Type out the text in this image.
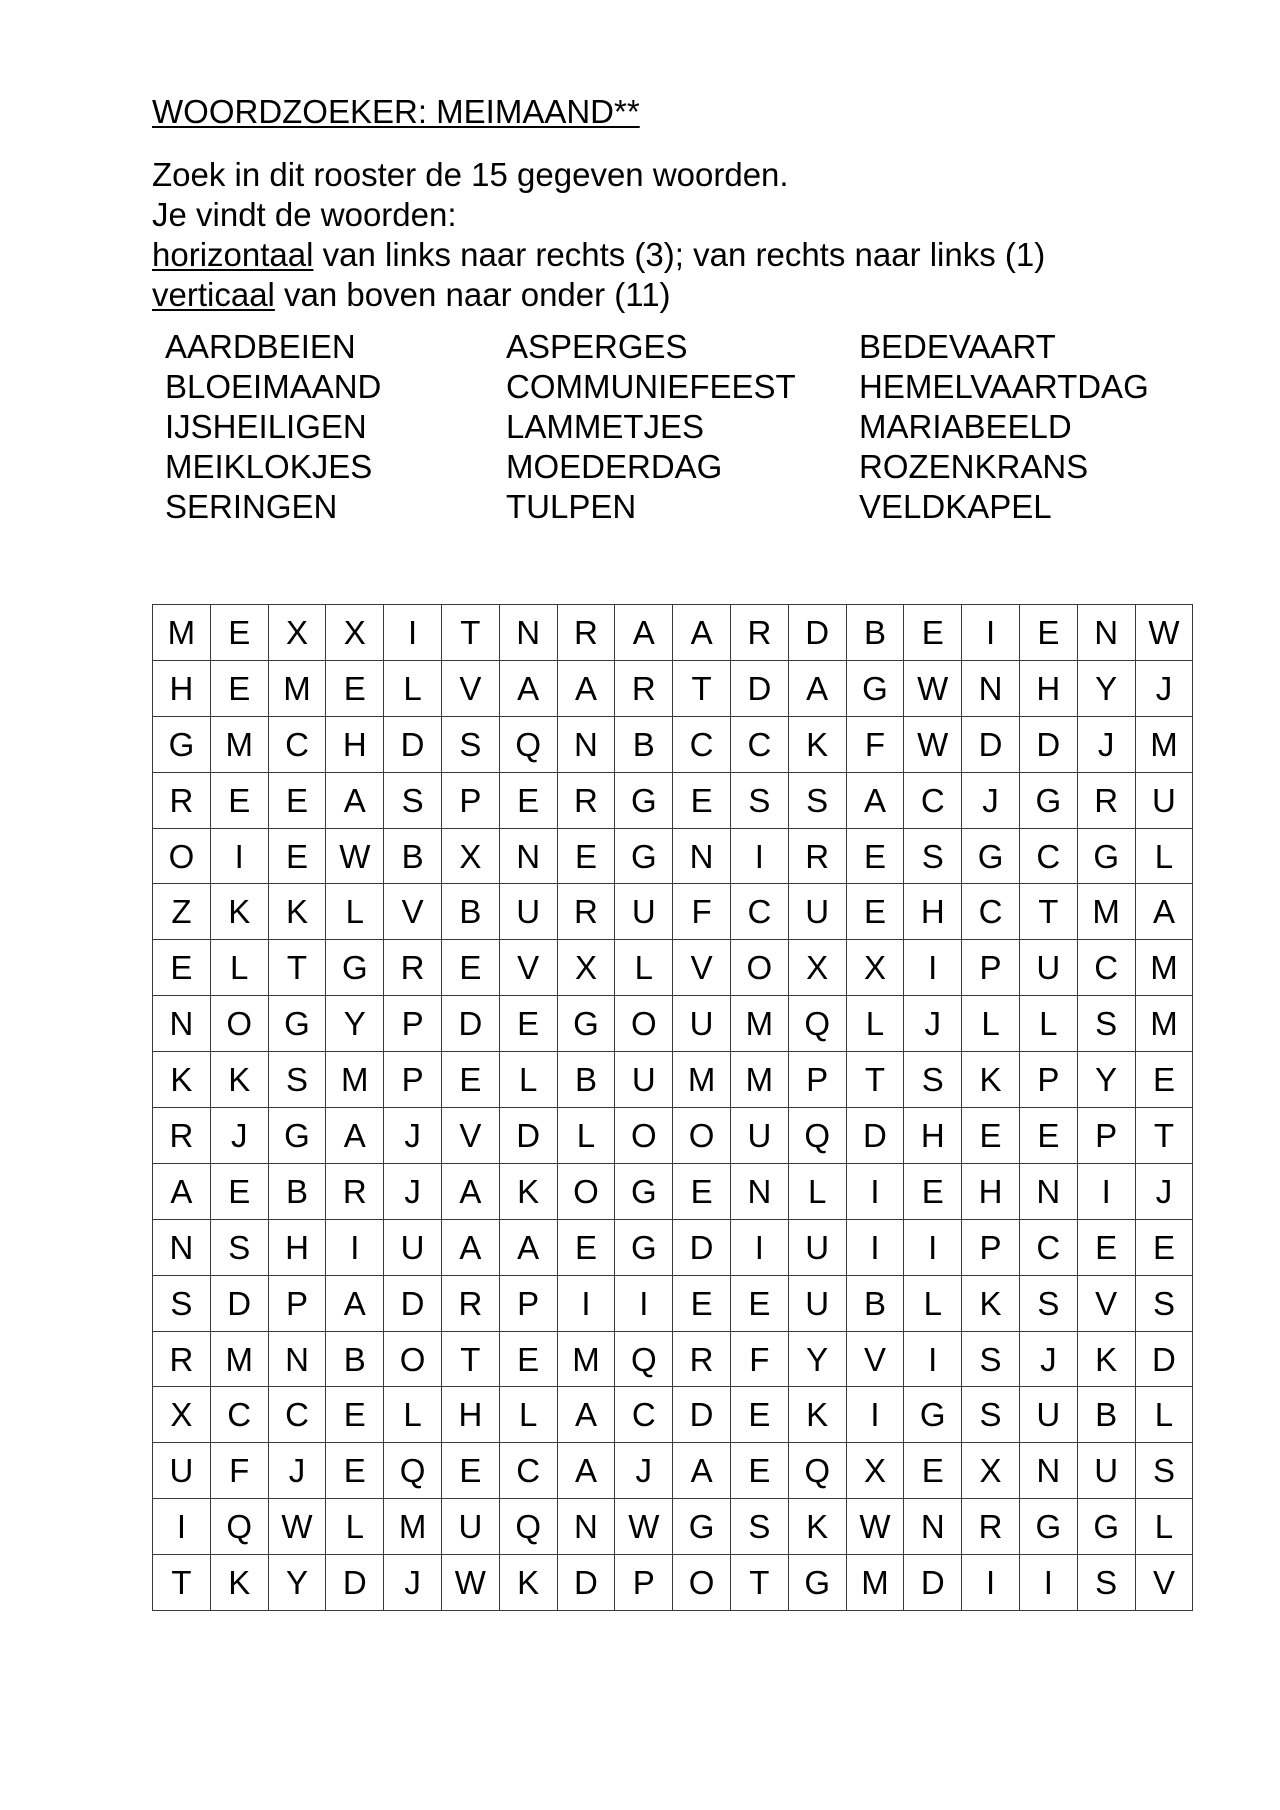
WOORDZOEKER: MEIMAAND**
Zoek in dit rooster de 15 gegeven woorden.
Je vindt de woorden:
horizontaal van links naar rechts (3); van rechts naar links (1)
verticaal van boven naar onder (11)
AARDBEIEN
BLOEIMAAND
IJSHEILIGEN
MEIKLOKJES
SERINGEN
ASPERGES
COMMUNIEFEEST
LAMMETJES
MOEDERDAG
TULPEN
BEDEVAART
HEMELVAARTDAG
MARIABEELD
ROZENKRANS
VELDKAPEL
M	E	X	X	I	T	N	R	A	A	R	D	B	E	I	E	N	W
H	E	M	E	L	V	A	A	R	T	D	A	G	W	N	H	Y	J
G	M	C	H	D	S	Q	N	B	C	C	K	F	W	D	D	J	M
R	E	E	A	S	P	E	R	G	E	S	S	A	C	J	G	R	U
O	I	E	W	B	X	N	E	G	N	I	R	E	S	G	C	G	L
Z	K	K	L	V	B	U	R	U	F	C	U	E	H	C	T	M	A
E	L	T	G	R	E	V	X	L	V	O	X	X	I	P	U	C	M
N	O	G	Y	P	D	E	G	O	U	M	Q	L	J	L	L	S	M
K	K	S	M	P	E	L	B	U	M	M	P	T	S	K	P	Y	E
R	J	G	A	J	V	D	L	O	O	U	Q	D	H	E	E	P	T
A	E	B	R	J	A	K	O	G	E	N	L	I	E	H	N	I	J
N	S	H	I	U	A	A	E	G	D	I	U	I	I	P	C	E	E
S	D	P	A	D	R	P	I	I	E	E	U	B	L	K	S	V	S
R	M	N	B	O	T	E	M	Q	R	F	Y	V	I	S	J	K	D
X	C	C	E	L	H	L	A	C	D	E	K	I	G	S	U	B	L
U	F	J	E	Q	E	C	A	J	A	E	Q	X	E	X	N	U	S
I	Q	W	L	M	U	Q	N	W	G	S	K	W	N	R	G	G	L
T	K	Y	D	J	W	K	D	P	O	T	G	M	D	I	I	S	V
